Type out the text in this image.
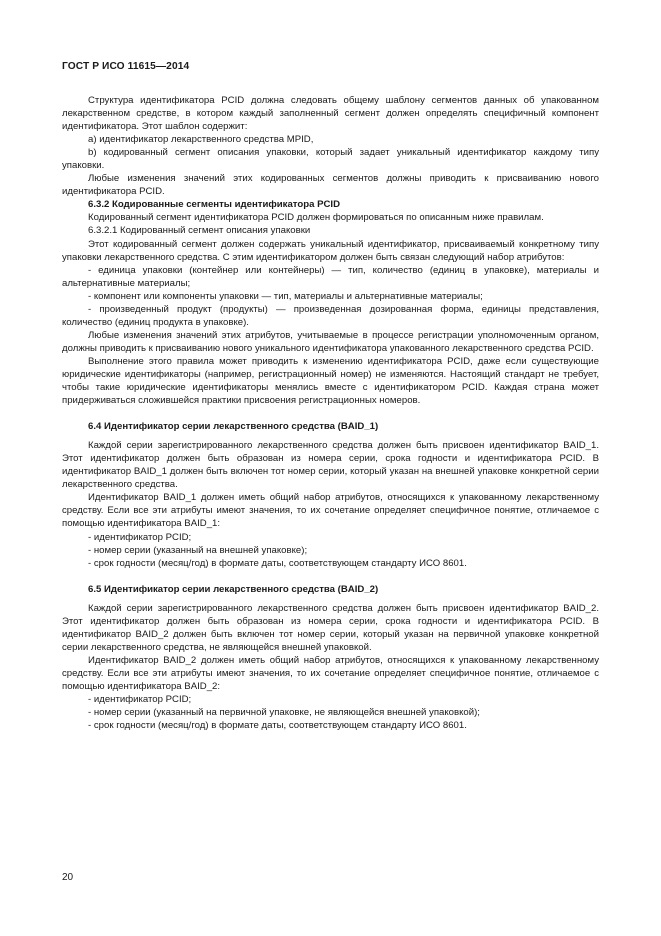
ГОСТ Р ИСО 11615—2014

Структура идентификатора PCID должна следовать общему шаблону сегментов данных об упакованном лекарственном средстве, в котором каждый заполненный сегмент должен определять специфичный компонент идентификатора. Этот шаблон содержит:

a) идентификатор лекарственного средства MPID,

b) кодированный сегмент описания упаковки, который задает уникальный идентификатор каждому типу упаковки.

Любые изменения значений этих кодированных сегментов должны приводить к присваиванию нового идентификатора PCID.

6.3.2 Кодированные сегменты идентификатора PCID

Кодированный сегмент идентификатора PCID должен формироваться по описанным ниже правилам.

6.3.2.1 Кодированный сегмент описания упаковки

Этот кодированный сегмент должен содержать уникальный идентификатор, присваиваемый конкретному типу упаковки лекарственного средства. С этим идентификатором должен быть связан следующий набор атрибутов:

- единица упаковки (контейнер или контейнеры) — тип, количество (единиц в упаковке), материалы и альтернативные материалы;

- компонент или компоненты упаковки — тип, материалы и альтернативные материалы;

- произведенный продукт (продукты) — произведенная дозированная форма, единицы представления, количество (единиц продукта в упаковке).

Любые изменения значений этих атрибутов, учитываемые в процессе регистрации уполномоченным органом, должны приводить к присваиванию нового уникального идентификатора упакованного лекарственного средства PCID.

Выполнение этого правила может приводить к изменению идентификатора PCID, даже если существующие юридические идентификаторы (например, регистрационный номер) не изменяются. Настоящий стандарт не требует, чтобы такие юридические идентификаторы менялись вместе с идентификатором PCID. Каждая страна может придерживаться сложившейся практики присвоения регистрационных номеров.

6.4 Идентификатор серии лекарственного средства (BAID_1)

Каждой серии зарегистрированного лекарственного средства должен быть присвоен идентификатор BAID_1. Этот идентификатор должен быть образован из номера серии, срока годности и идентификатора PCID. В идентификатор BAID_1 должен быть включен тот номер серии, который указан на внешней упаковке конкретной серии лекарственного средства.

Идентификатор BAID_1 должен иметь общий набор атрибутов, относящихся к упакованному лекарственному средству. Если все эти атрибуты имеют значения, то их сочетание определяет специфичное понятие, отличаемое с помощью идентификатора BAID_1:

- идентификатор PCID;

- номер серии (указанный на внешней упаковке);

- срок годности (месяц/год) в формате даты, соответствующем стандарту ИСО 8601.

6.5 Идентификатор серии лекарственного средства (BAID_2)

Каждой серии зарегистрированного лекарственного средства должен быть присвоен идентификатор BAID_2. Этот идентификатор должен быть образован из номера серии, срока годности и идентификатора PCID. В идентификатор BAID_2 должен быть включен тот номер серии, который указан на первичной упаковке конкретной серии лекарственного средства, не являющейся внешней упаковкой.

Идентификатор BAID_2 должен иметь общий набор атрибутов, относящихся к упакованному лекарственному средству. Если все эти атрибуты имеют значения, то их сочетание определяет специфичное понятие, отличаемое с помощью идентификатора BAID_2:

- идентификатор PCID;

- номер серии (указанный на первичной упаковке, не являющейся внешней упаковкой);

- срок годности (месяц/год) в формате даты, соответствующем стандарту ИСО 8601.

20
